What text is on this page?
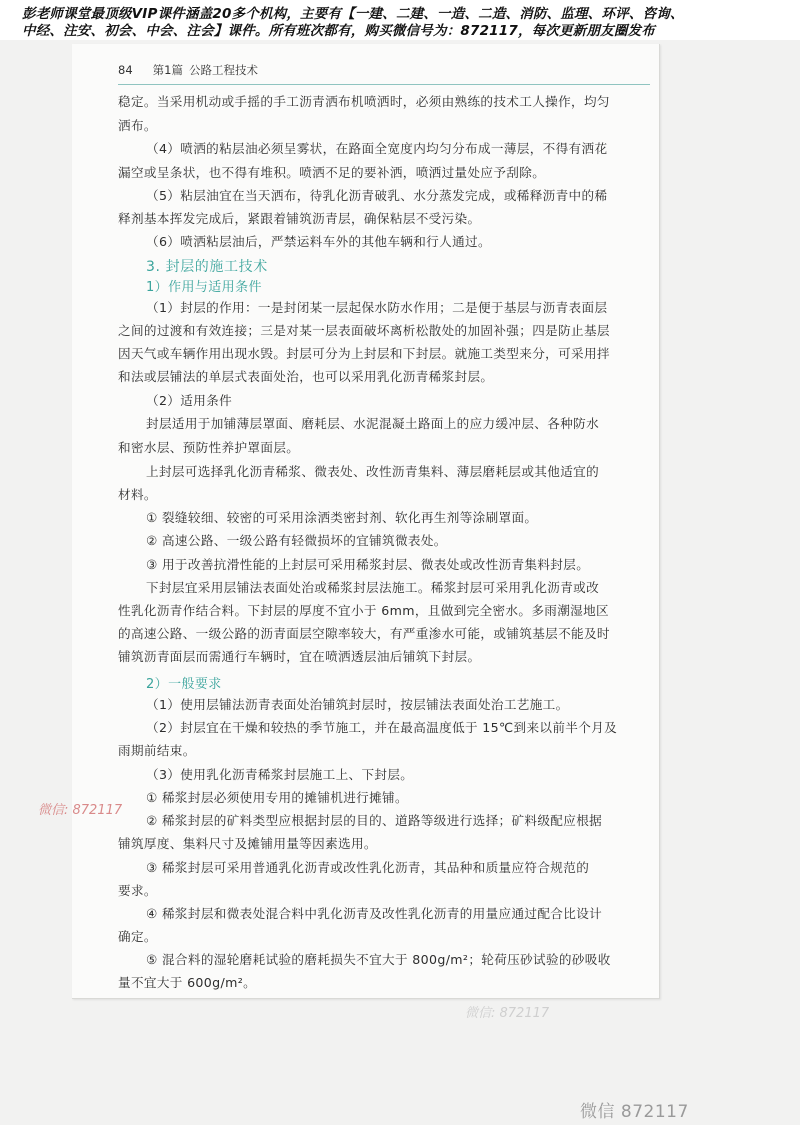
彭老师课堂最顶级VIP课件涵盖20多个机构，主要有【一建、二建、一造、二造、消防、监理、环评、咨询、
中经、注安、初会、中会、注会】课件。所有班次都有，购买微信号为：872117，每次更新朋友圈发布
84 第1篇 公路工程技术
稳定。当采用机动或手摇的手工沥青洒布机喷洒时，必须由熟练的技术工人操作，均匀
洒布。
（4）喷洒的粘层油必须呈雾状，在路面全宽度内均匀分布成一薄层，不得有洒花
漏空或呈条状，也不得有堆积。喷洒不足的要补洒，喷洒过量处应予刮除。
（5）粘层油宜在当天洒布，待乳化沥青破乳、水分蒸发完成，或稀释沥青中的稀
释剂基本挥发完成后，紧跟着铺筑沥青层，确保粘层不受污染。
（6）喷洒粘层油后，严禁运料车外的其他车辆和行人通过。
3. 封层的施工技术
1）作用与适用条件
（1）封层的作用：一是封闭某一层起保水防水作用；二是便于基层与沥青表面层
之间的过渡和有效连接；三是对某一层表面破坏离析松散处的加固补强；四是防止基层
因天气或车辆作用出现水毁。封层可分为上封层和下封层。就施工类型来分，可采用拌
和法或层铺法的单层式表面处治，也可以采用乳化沥青稀浆封层。
（2）适用条件
封层适用于加铺薄层罩面、磨耗层、水泥混凝土路面上的应力缓冲层、各种防水
和密水层、预防性养护罩面层。
上封层可选择乳化沥青稀浆、微表处、改性沥青集料、薄层磨耗层或其他适宜的
材料。
① 裂缝较细、较密的可采用涂洒类密封剂、软化再生剂等涂刷罩面。
② 高速公路、一级公路有轻微损坏的宜铺筑微表处。
③ 用于改善抗滑性能的上封层可采用稀浆封层、微表处或改性沥青集料封层。
下封层宜采用层铺法表面处治或稀浆封层法施工。稀浆封层可采用乳化沥青或改
性乳化沥青作结合料。下封层的厚度不宜小于 6mm，且做到完全密水。多雨潮湿地区
的高速公路、一级公路的沥青面层空隙率较大，有严重渗水可能，或铺筑基层不能及时
铺筑沥青面层而需通行车辆时，宜在喷洒透层油后铺筑下封层。
2）一般要求
（1）使用层铺法沥青表面处治铺筑封层时，按层铺法表面处治工艺施工。
（2）封层宜在干燥和较热的季节施工，并在最高温度低于 15℃到来以前半个月及
雨期前结束。
（3）使用乳化沥青稀浆封层施工上、下封层。
① 稀浆封层必须使用专用的摊铺机进行摊铺。
② 稀浆封层的矿料类型应根据封层的目的、道路等级进行选择；矿料级配应根据
铺筑厚度、集料尺寸及摊铺用量等因素选用。
③ 稀浆封层可采用普通乳化沥青或改性乳化沥青，其品种和质量应符合规范的
要求。
④ 稀浆封层和微表处混合料中乳化沥青及改性乳化沥青的用量应通过配合比设计
确定。
⑤ 混合料的湿轮磨耗试验的磨耗损失不宜大于 800g/m²；轮荷压砂试验的砂吸收
量不宜大于 600g/m²。
微信: 872117
微信: 872117
微信 872117
